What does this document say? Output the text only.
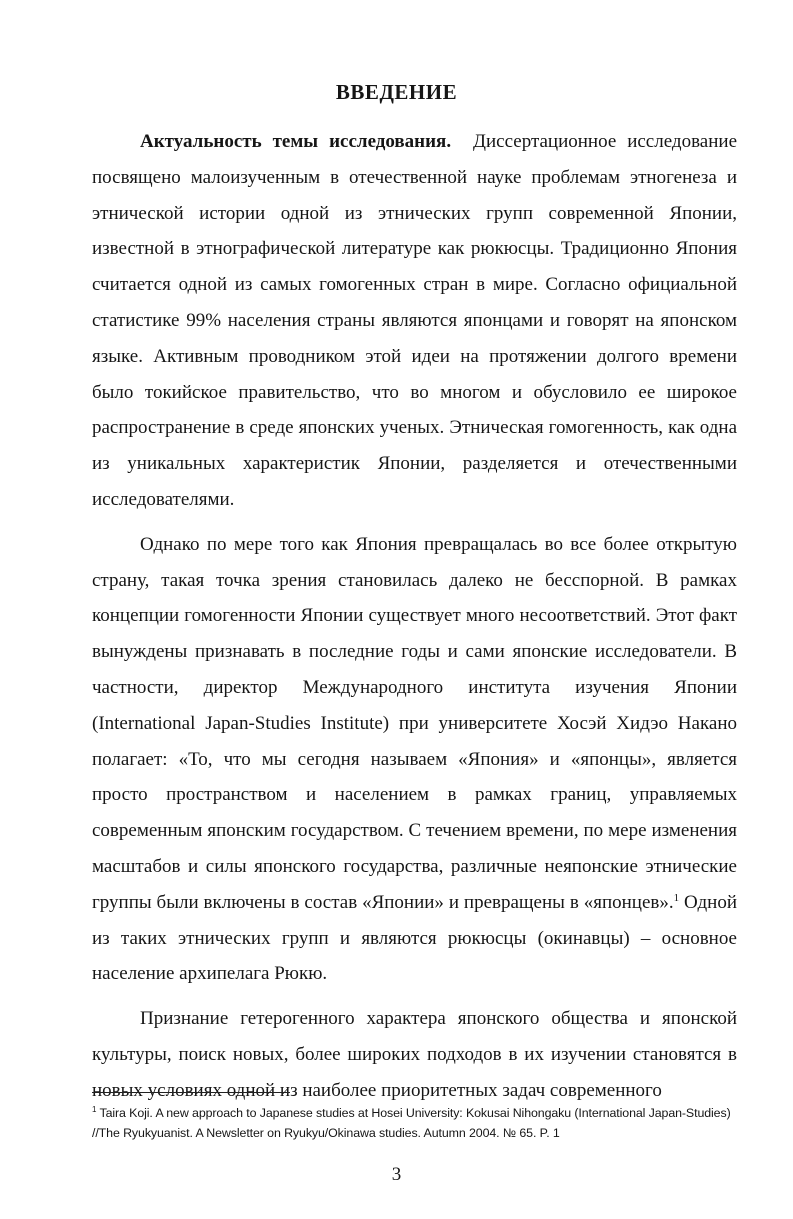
ВВЕДЕНИЕ

Актуальность темы исследования. Диссертационное исследование посвящено малоизученным в отечественной науке проблемам этногенеза и этнической истории одной из этнических групп современной Японии, известной в этнографической литературе как рюкюсцы. Традиционно Япония считается одной из самых гомогенных стран в мире. Согласно официальной статистике 99% населения страны являются японцами и говорят на японском языке. Активным проводником этой идеи на протяжении долгого времени было токийское правительство, что во многом и обусловило ее широкое распространение в среде японских ученых. Этническая гомогенность, как одна из уникальных характеристик Японии, разделяется и отечественными исследователями.

Однако по мере того как Япония превращалась во все более открытую страну, такая точка зрения становилась далеко не бесспорной. В рамках концепции гомогенности Японии существует много несоответствий. Этот факт вынуждены признавать в последние годы и сами японские исследователи. В частности, директор Международного института изучения Японии (International Japan-Studies Institute) при университете Хосэй Хидэо Накано полагает: «То, что мы сегодня называем «Япония» и «японцы», является просто пространством и населением в рамках границ, управляемых современным японским государством. С течением времени, по мере изменения масштабов и силы японского государства, различные неяпонские этнические группы были включены в состав «Японии» и превращены в «японцев».$^1$ Одной из таких этнических групп и являются рюкюсцы (окинавцы) – основное население архипелага Рюкю.

Признание гетерогенного характера японского общества и японской культуры, поиск новых, более широких подходов в их изучении становятся в новых условиях одной из наиболее приоритетных задач современного

$^1$ Taira Koji. A new approach to Japanese studies at Hosei University: Kokusai Nihongaku (International Japan-Studies) //The Ryukyuanist. A Newsletter on Ryukyu/Okinawa studies. Autumn 2004. № 65. P. 1
3
